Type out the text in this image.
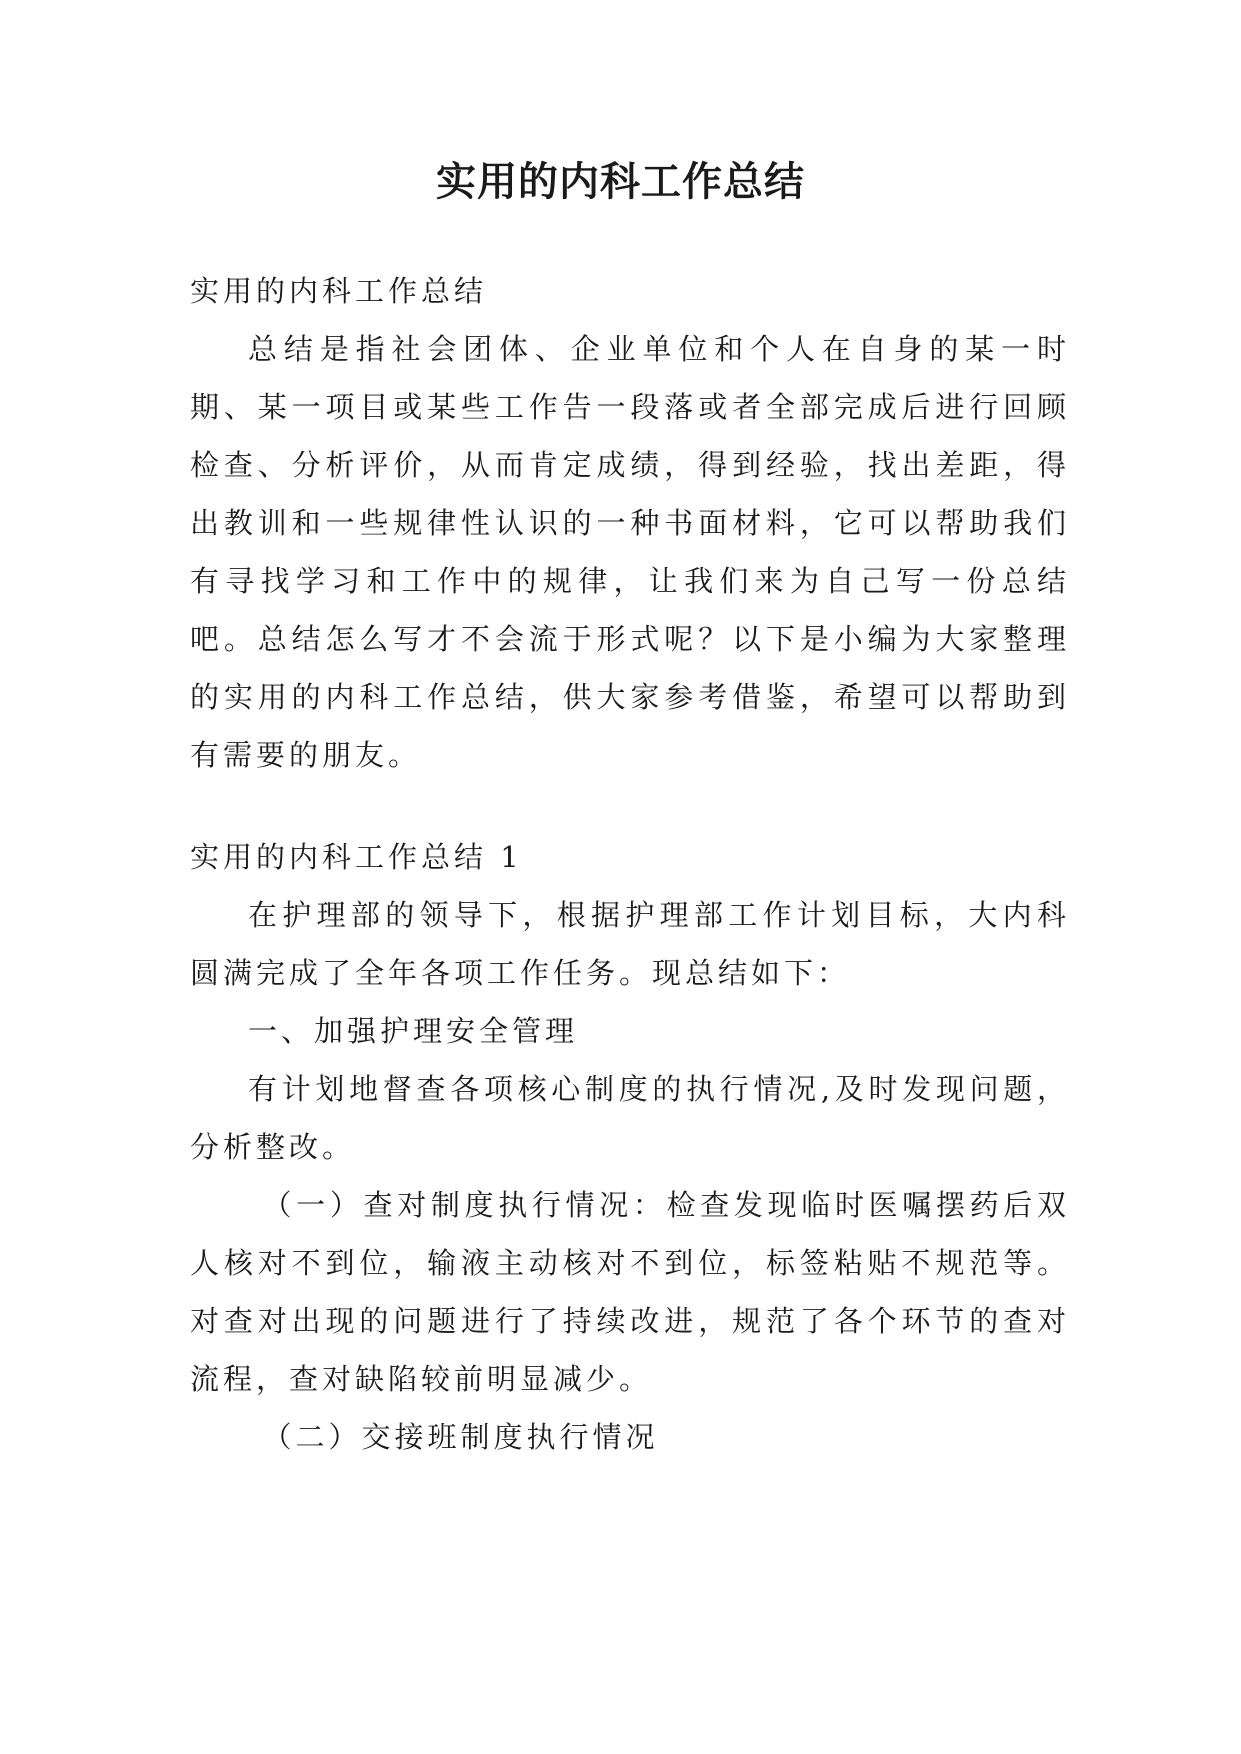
实用的内科工作总结

实用的内科工作总结

总结是指社会团体、企业单位和个人在自身的某一时期、某一项目或某些工作告一段落或者全部完成后进行回顾检查、分析评价，从而肯定成绩，得到经验，找出差距，得出教训和一些规律性认识的一种书面材料，它可以帮助我们有寻找学习和工作中的规律，让我们来为自己写一份总结吧。总结怎么写才不会流于形式呢？以下是小编为大家整理的实用的内科工作总结，供大家参考借鉴，希望可以帮助到有需要的朋友。

实用的内科工作总结 1

在护理部的领导下，根据护理部工作计划目标，大内科圆满完成了全年各项工作任务。现总结如下：

一、加强护理安全管理

有计划地督查各项核心制度的执行情况,及时发现问题，分析整改。

（一）查对制度执行情况：检查发现临时医嘱摆药后双人核对不到位，输液主动核对不到位，标签粘贴不规范等。对查对出现的问题进行了持续改进，规范了各个环节的查对流程，查对缺陷较前明显减少。

（二）交接班制度执行情况
